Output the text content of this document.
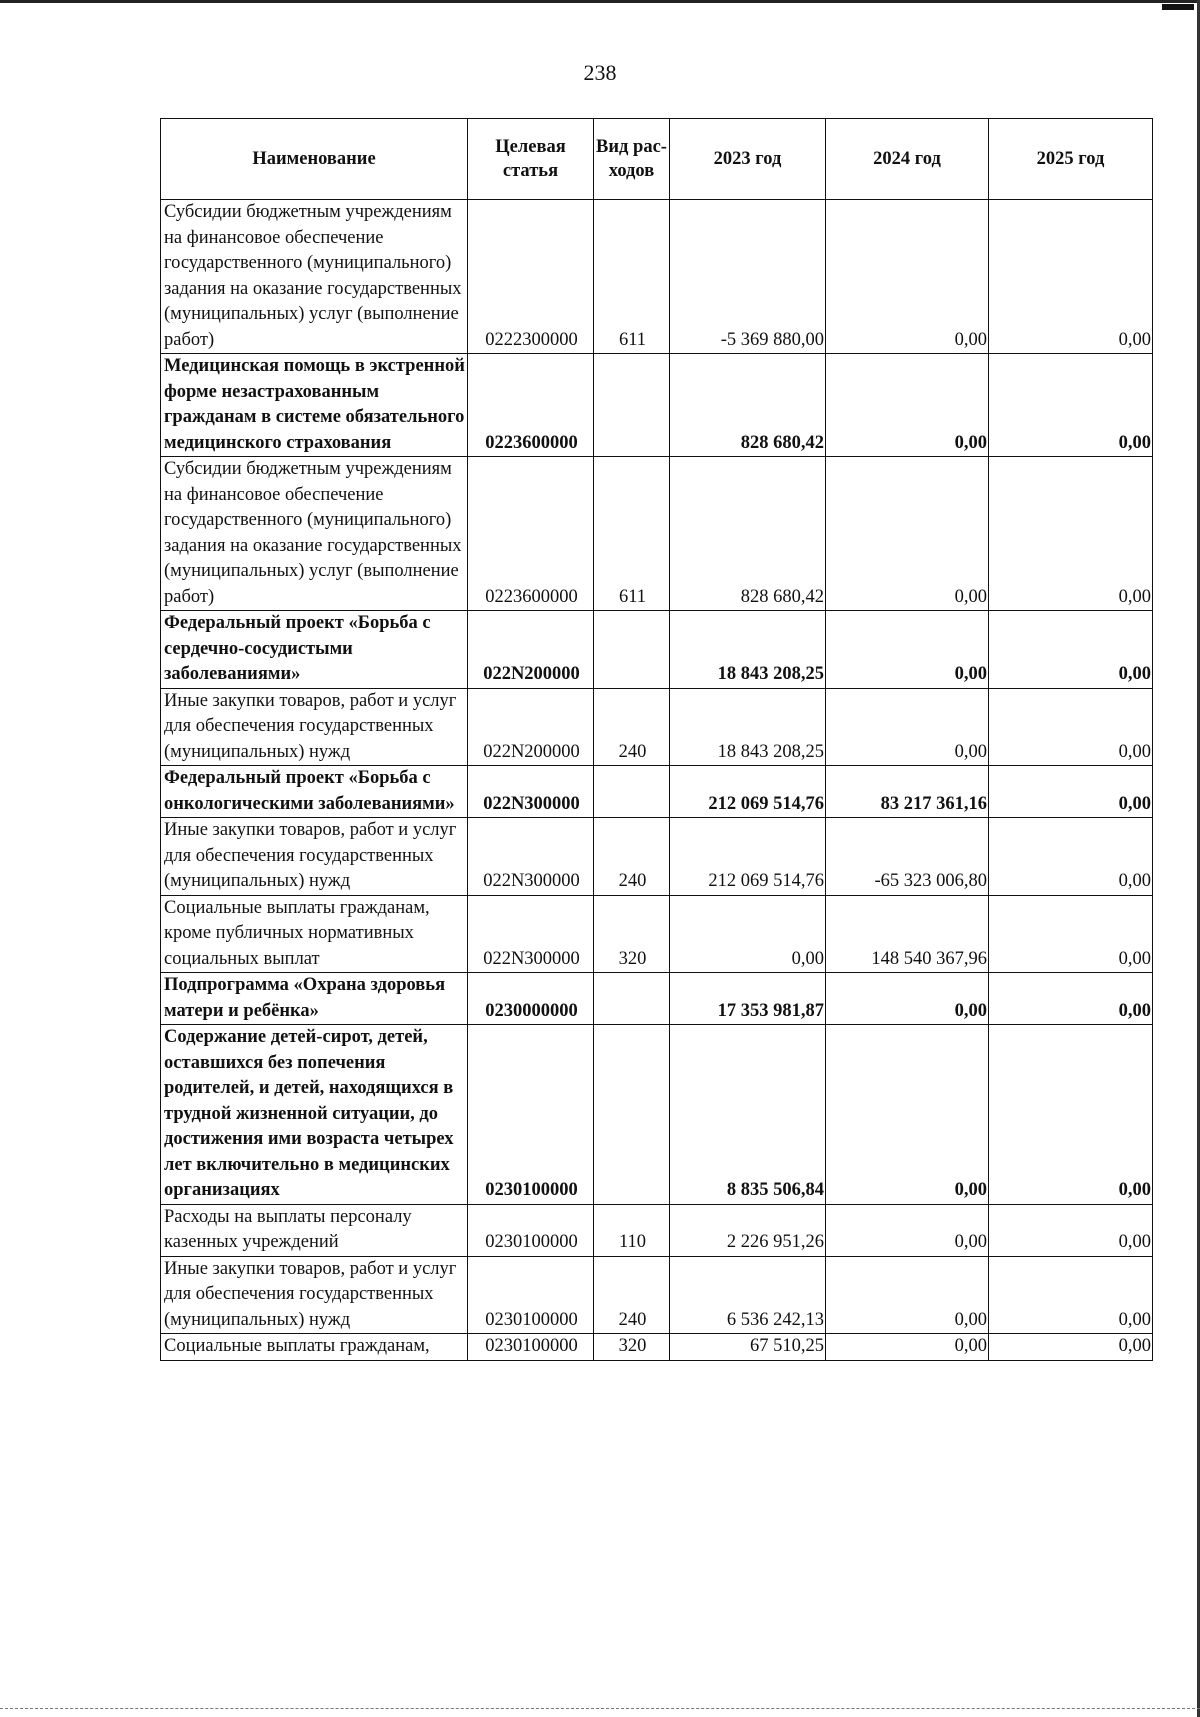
238
Наименование	Целевая статья	Вид рас-ходов	2023 год	2024 год	2025 год
Субсидии бюджетным учреждениям на финансовое обеспечение государственного (муниципального) задания на оказание государственных (муниципальных) услуг (выполнение работ)	0222300000	611	-5 369 880,00	0,00	0,00
Медицинская помощь в экстренной форме незастрахованным гражданам в системе обязательного медицинского страхования	0223600000		828 680,42	0,00	0,00
Субсидии бюджетным учреждениям на финансовое обеспечение государственного (муниципального) задания на оказание государственных (муниципальных) услуг (выполнение работ)	0223600000	611	828 680,42	0,00	0,00
Федеральный проект «Борьба с сердечно-сосудистыми заболеваниями»	022N200000		18 843 208,25	0,00	0,00
Иные закупки товаров, работ и услуг для обеспечения государственных (муниципальных) нужд	022N200000	240	18 843 208,25	0,00	0,00
Федеральный проект «Борьба с онкологическими заболеваниями»	022N300000		212 069 514,76	83 217 361,16	0,00
Иные закупки товаров, работ и услуг для обеспечения государственных (муниципальных) нужд	022N300000	240	212 069 514,76	-65 323 006,80	0,00
Социальные выплаты гражданам, кроме публичных нормативных социальных выплат	022N300000	320	0,00	148 540 367,96	0,00
Подпрограмма «Охрана здоровья матери и ребёнка»	0230000000		17 353 981,87	0,00	0,00
Содержание детей-сирот, детей, оставшихся без попечения родителей, и детей, находящихся в трудной жизненной ситуации, до достижения ими возраста четырех лет включительно в медицинских организациях	0230100000		8 835 506,84	0,00	0,00
Расходы на выплаты персоналу казенных учреждений	0230100000	110	2 226 951,26	0,00	0,00
Иные закупки товаров, работ и услуг для обеспечения государственных (муниципальных) нужд	0230100000	240	6 536 242,13	0,00	0,00
Социальные выплаты гражданам,	0230100000	320	67 510,25	0,00	0,00
